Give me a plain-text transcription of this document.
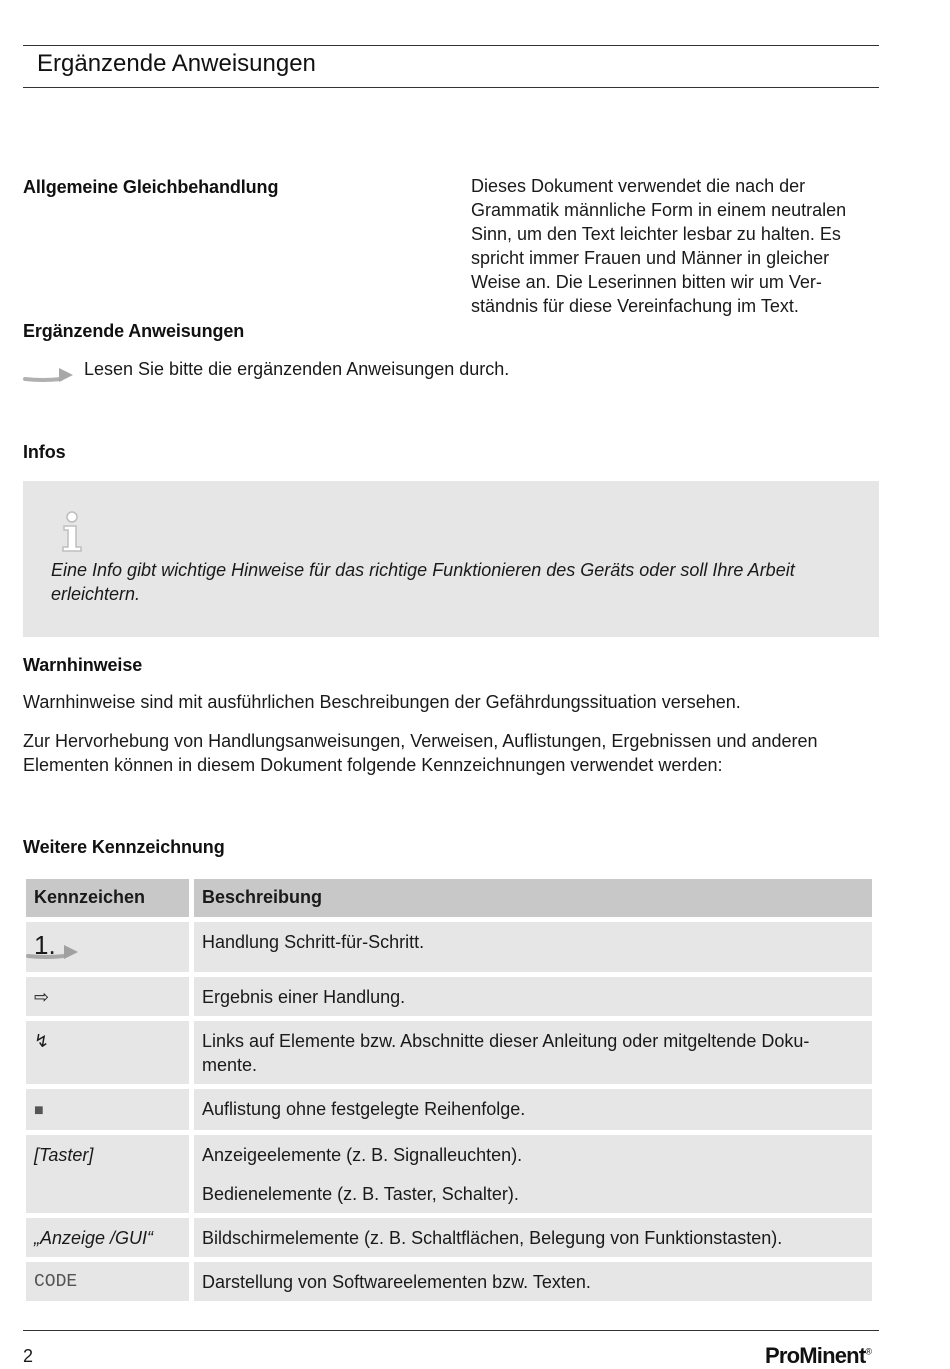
Ergänzende Anweisungen
Allgemeine Gleichbehandlung	Dieses Dokument verwendet die nach der Grammatik männliche Form in einem neutralen Sinn, um den Text leichter lesbar zu halten. Es spricht immer Frauen und Männer in gleicher Weise an. Die Leserinnen bitten wir um Ver-ständnis für diese Vereinfachung im Text.
Ergänzende Anweisungen
Lesen Sie bitte die ergänzenden Anweisungen durch.
Infos
Eine Info gibt wichtige Hinweise für das richtige Funktionieren des Geräts oder soll Ihre Arbeit erleichtern.
Warnhinweise
Warnhinweise sind mit ausführlichen Beschreibungen der Gefährdungssituation versehen.
Zur Hervorhebung von Handlungsanweisungen, Verweisen, Auflistungen, Ergebnissen und anderen Elementen können in diesem Dokument folgende Kennzeichnungen verwendet werden:
Weitere Kennzeichnung
Kennzeichen	Beschreibung
1.	Handlung Schritt-für-Schritt.
⇨	Ergebnis einer Handlung.
↯	Links auf Elemente bzw. Abschnitte dieser Anleitung oder mitgeltende Doku-mente.
■	Auflistung ohne festgelegte Reihenfolge.
[Taster]	Anzeigeelemente (z. B. Signalleuchten).
Bedienelemente (z. B. Taster, Schalter).

„Anzeige /GUI“	Bildschirmelemente (z. B. Schaltflächen, Belegung von Funktionstasten).
CODE	Darstellung von Softwareelementen bzw. Texten.
2	ProMinent®
